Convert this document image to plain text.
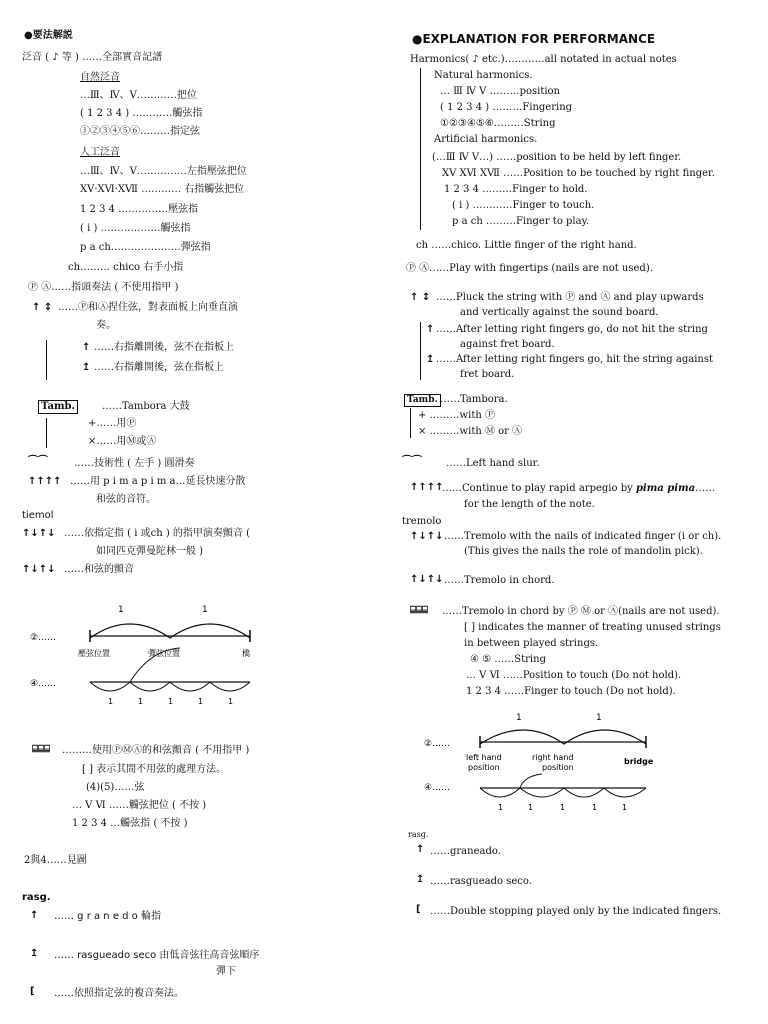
●要法解説
泛音 ( ♪ 等 ) ……全部實音記譜
自然泛音
…Ⅲ、Ⅳ、Ⅴ…………把位
( 1 2 3 4 ) …………觸弦指
①②③④⑤⑥………指定弦
人工泛音
…Ⅲ、Ⅳ、Ⅴ……………左指壓弦把位
ⅩⅤ·ⅩⅥ·ⅩⅦ ………… 右指觸弦把位
1 2 3 4 ……………壓弦指
( i ) ………………觸弦指
p a ch…………………彈弦指
ch……… chico 右手小指
Ⓟ Ⓐ……指頭奏法 ( 不使用指甲 )
↑ ↕ ……Ⓟ和Ⓐ捏住弦，對表面板上向垂直演
奏。
↑ ……右指離開後，弦不在指板上
↥ ……右指離開後，弦在指板上
Tamb.	……Tambora 大鼓
+……用Ⓟ
×……用Ⓜ或Ⓐ
⌒⌒	……技術性 ( 左手 ) 圓滑奏
↑↑↑↑ ……用 p i m a p i m a…延長快速分散
和弦的音符。
tiemol
↑↓↑↓ ……依指定指 ( i 或ch ) 的指甲演奏顫音 (
如同匹克彈曼陀林一般 )
↑↓↑↓ ……和弦的顫音
1	1
②……
壓弦位置	彈弦位置	橋
④……
1	1	1	1	1
⌸⌸⌸ ………使用ⓅⓂⒶ的和弦顫音 ( 不用指甲 )
[ ] 表示其間不用弦的處理方法。
(4)(5)……弦
… Ⅴ Ⅵ ……觸弦把位 ( 不按 )
1 2 3 4 …觸弦指 ( 不按 )
2與4……見圖
rasg.
↑ …… g r a n e d o 輪指
↥ …… rasgueado seco 由低音弦往高音弦順序
彈下
[ ……依照指定弦的複音奏法。
●EXPLANATION FOR PERFORMANCE
Harmonics( ♪ etc.)…………all notated in actual notes
Natural harmonics.
… Ⅲ Ⅳ Ⅴ ………position
( 1 2 3 4 ) ………Fingering
①②③④⑤⑥………String
Artificial harmonics.
(…Ⅲ Ⅳ Ⅴ…) ……position to be held by left finger.
ⅩⅤ ⅩⅥ ⅩⅦ ……Position to be touched by right finger.
1 2 3 4 ………Finger to hold.
( i ) …………Finger to touch.
p a ch ………Finger to play.
ch ……chico. Little finger of the right hand.
Ⓟ Ⓐ……Play with fingertips (nails are not used).
↑ ↕ ……Pluck the string with Ⓟ and Ⓐ and play upwards
and vertically against the sound board.
↑ ……After letting right fingers go, do not hit the string
against fret board.
↥ ……After letting right fingers go, hit the string against
fret board.
Tamb. ……Tambora.
+ ………with Ⓟ
× ………with Ⓜ or Ⓐ
⌒⌒ ……Left hand slur.
↑↑↑↑
……Continue to play rapid arpegio by pima pima……
for the length of the note.
tremolo
↑↓↑↓ ……Tremolo with the nails of indicated finger (i or ch).
(This gives the nails the role of mandolin pick).
↑↓↑↓ ……Tremolo in chord.
⌸⌸⌸ ……Tremolo in chord by Ⓟ Ⓜ or Ⓐ(nails are not used).
[ ] indicates the manner of treating unused strings
in between played strings.
④ ⑤ ……String
… Ⅴ Ⅵ ……Position to touch (Do not hold).
1 2 3 4 ……Finger to touch (Do not hold).
1	1
②……
left hand
position
right hand
position
bridge
④……
1	1	1	1	1
rasg.
↑ ……graneado.
↥ ……rasgueado seco.
[ ……Double stopping played only by the indicated fingers.
